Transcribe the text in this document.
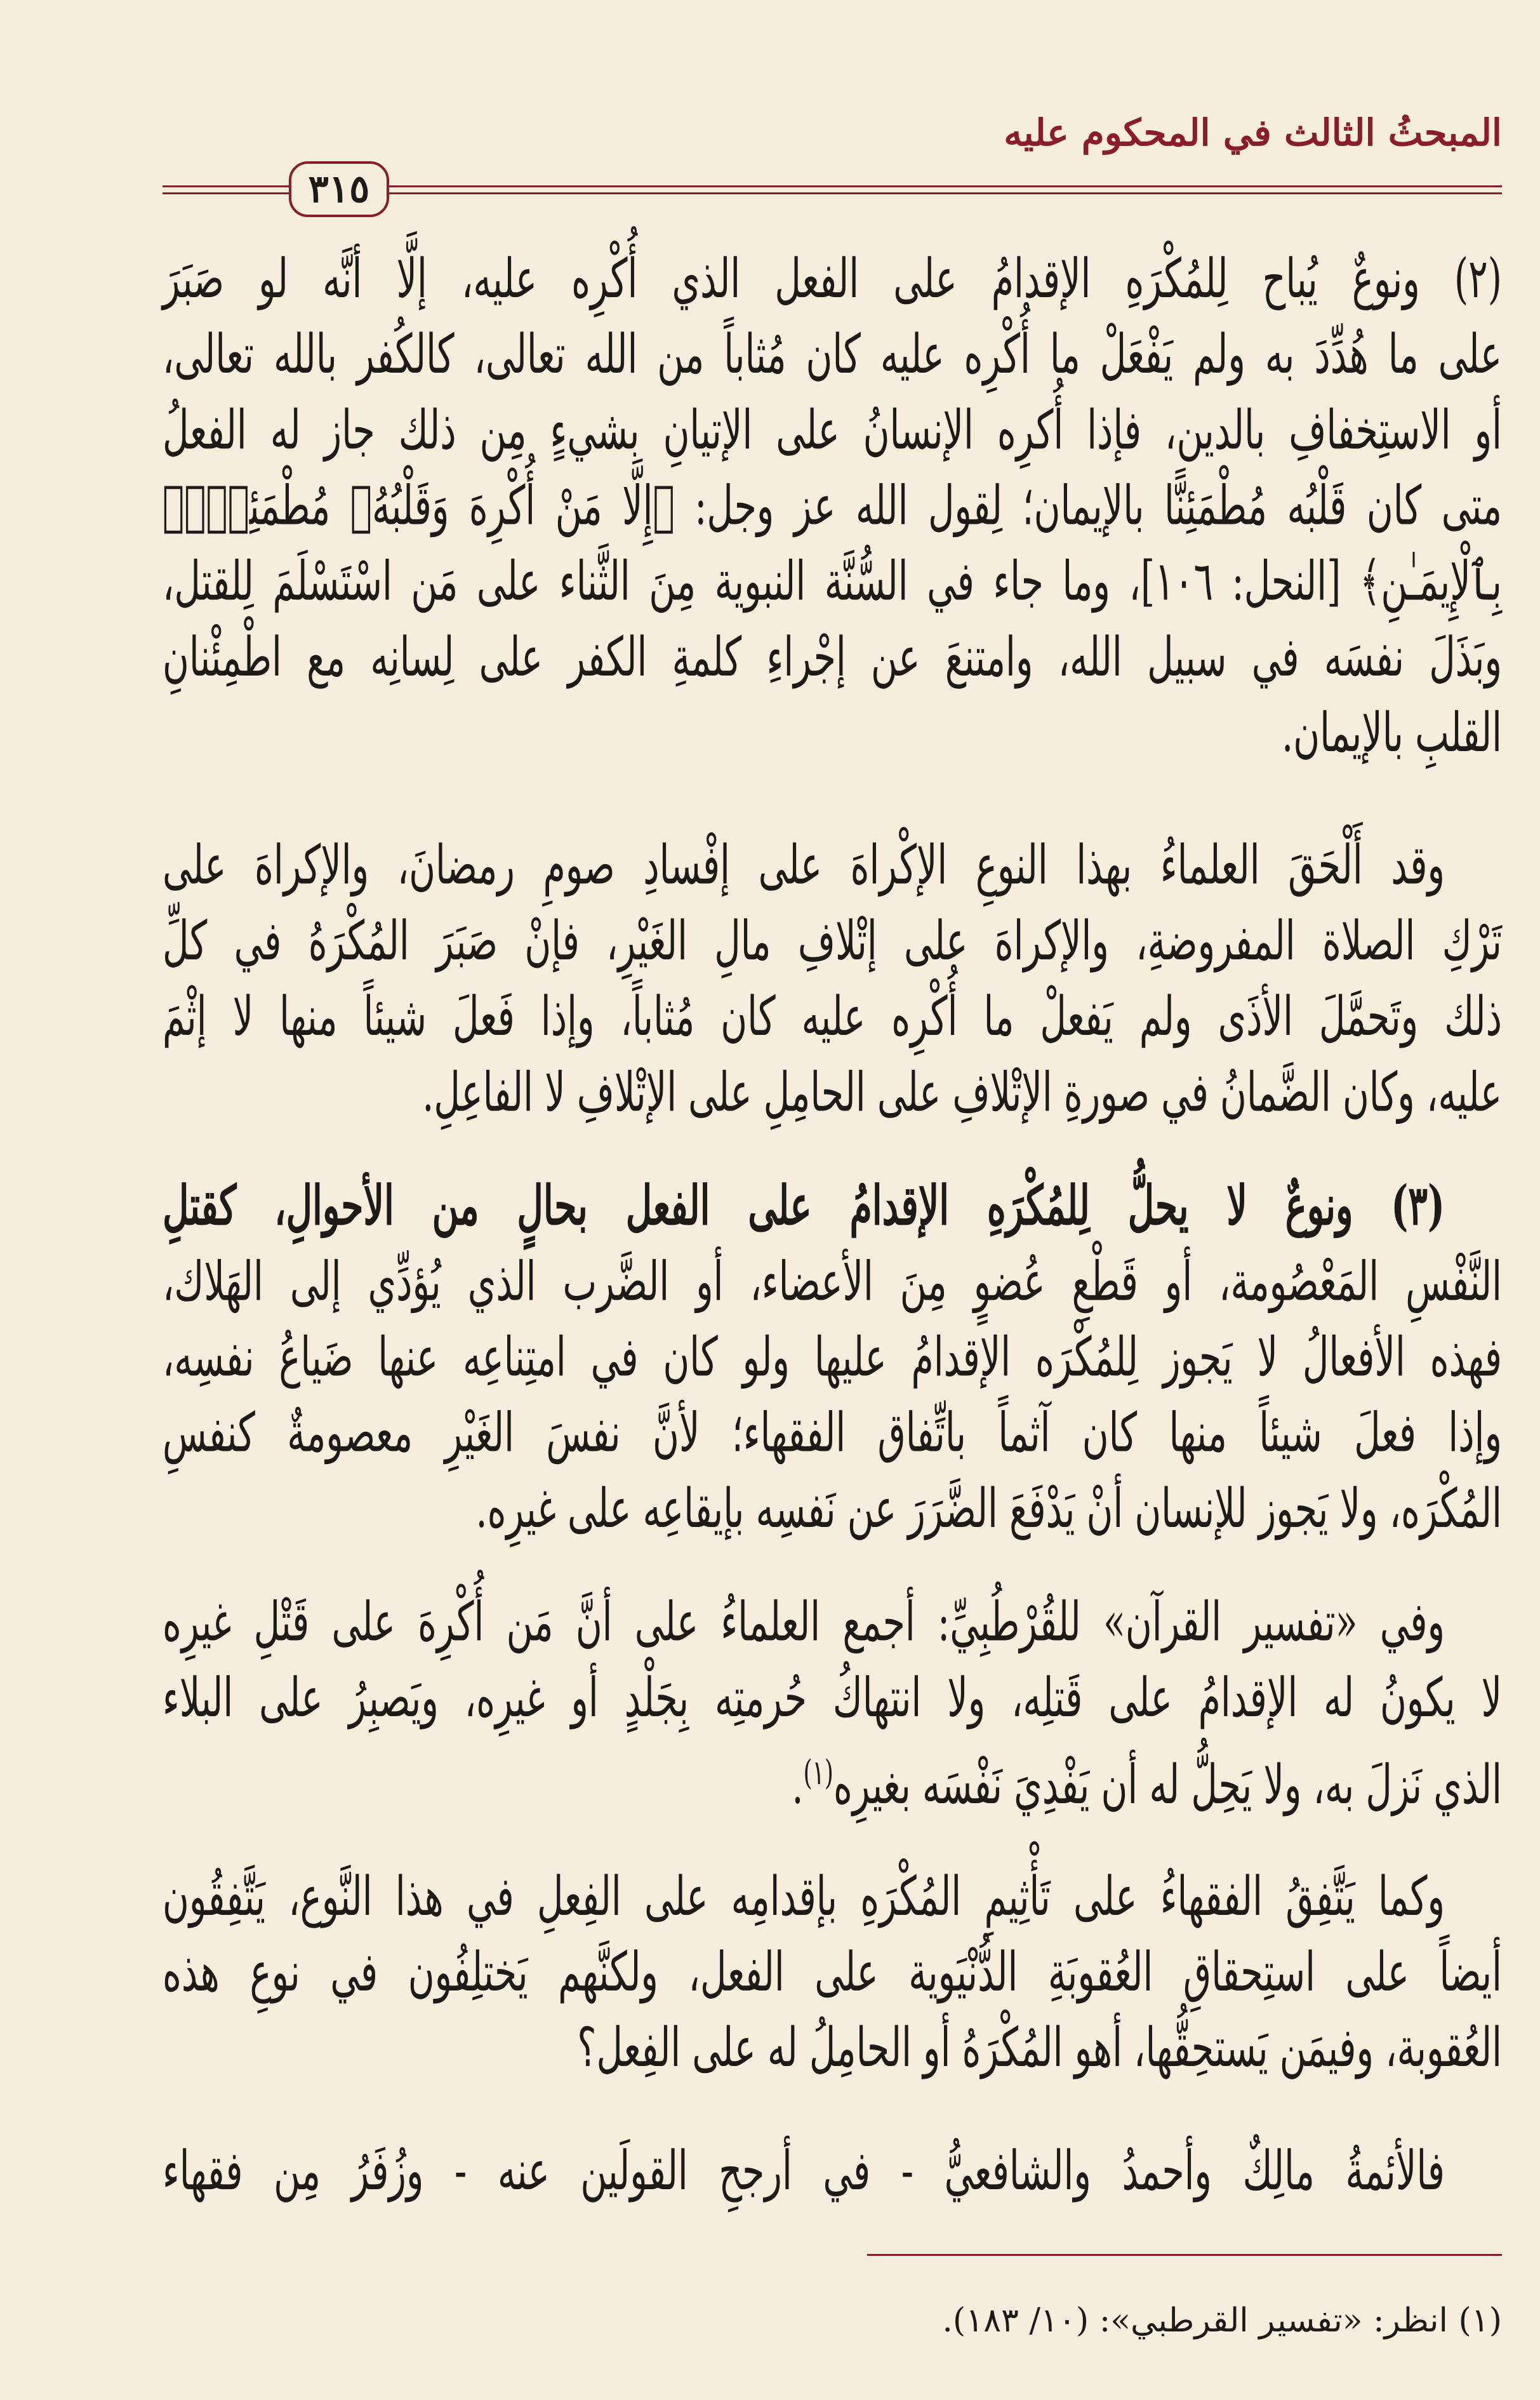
المبحثُ الثالث في المحكوم عليه
٣١٥
(٢) ونوعٌ يُباح لِلمُكْرَهِ الإقدامُ على الفعل الذي أُكْرِه عليه، إلَّا أنَّه لو صَبَرَ
على ما هُدِّدَ به ولم يَفْعَلْ ما أُكْرِه عليه كان مُثاباً من الله تعالى، كالكُفر بالله تعالى،
أو الاستِخفافِ بالدين، فإذا أُكرِه الإنسانُ على الإتيانِ بشيءٍ مِن ذلك جاز له الفعلُ
متى كان قَلْبُه مُطْمَئِنًّا بالإيمان؛ لِقول الله عز وجل: ﴿إِلَّا مَنْ أُكْرِهَ وَقَلْبُهُۥ مُطْمَئِنٌّۢ
بِٱلْإِيمَـٰنِ﴾ [النحل: ١٠٦]، وما جاء في السُّنَّة النبوية مِنَ الثَّناء على مَن اسْتَسْلَمَ لِلقتل،
وبَذَلَ نفسَه في سبيل الله، وامتنعَ عن إجْراءِ كلمةِ الكفر على لِسانِه مع اطْمِئْنانِ
القلبِ بالإيمان.
وقد أَلْحَقَ العلماءُ بهذا النوعِ الإكْراهَ على إفْسادِ صومِ رمضانَ، والإكراهَ على
تَرْكِ الصلاة المفروضةِ، والإكراهَ على إتْلافِ مالِ الغَيْرِ، فإنْ صَبَرَ المُكْرَهُ في كلِّ
ذلك وتَحمَّلَ الأذَى ولم يَفعلْ ما أُكْرِه عليه كان مُثاباً، وإذا فَعلَ شيئاً منها لا إثْمَ
عليه، وكان الضَّمانُ في صورةِ الإتْلافِ على الحامِلِ على الإتْلافِ لا الفاعِلِ.
(٣) ونوعٌ لا يحلُّ لِلمُكْرَهِ الإقدامُ على الفعل بحالٍ من الأحوالِ، كقتلِ
النَّفْسِ المَعْصُومة، أو قَطْعِ عُضوٍ مِنَ الأعضاء، أو الضَّرب الذي يُؤدِّي إلى الهَلاك،
فهذه الأفعالُ لا يَجوز لِلمُكْرَه الإقدامُ عليها ولو كان في امتِناعِه عنها ضَياعُ نفسِه،
وإذا فعلَ شيئاً منها كان آثماً باتِّفاق الفقهاء؛ لأنَّ نفسَ الغَيْرِ معصومةٌ كنفسِ
المُكْرَه، ولا يَجوز للإنسان أنْ يَدْفَعَ الضَّرَرَ عن نَفسِه بإيقاعِه على غيرِه.
وفي «تفسير القرآن» للقُرْطُبِيِّ: أجمع العلماءُ على أنَّ مَن أُكْرِهَ على قَتْلِ غيرِه
لا يكونُ له الإقدامُ على قَتلِه، ولا انتهاكُ حُرمتِه بِجَلْدٍ أو غيرِه، ويَصبِرُ على البلاء
الذي نَزلَ به، ولا يَحِلُّ له أن يَفْدِيَ نَفْسَه بغيرِه$^{(١)}$.
وكما يَتَّفِقُ الفقهاءُ على تَأْثِيمِ المُكْرَهِ بإقدامِه على الفِعلِ في هذا النَّوع، يَتَّفِقُون
أيضاً على استِحقاقِ العُقوبَةِ الدُّنْيَوية على الفعل، ولكنَّهم يَختلِفُون في نوعِ هذه
العُقوبة، وفيمَن يَستحِقُّها، أهو المُكْرَهُ أو الحامِلُ له على الفِعل؟
فالأئمةُ مالِكٌ وأحمدُ والشافعيُّ - في أرجحِ القولَين عنه - وزُفَرُ مِن فقهاء
(١) انظر: «تفسير القرطبي»: (١٠/ ١٨٣).
